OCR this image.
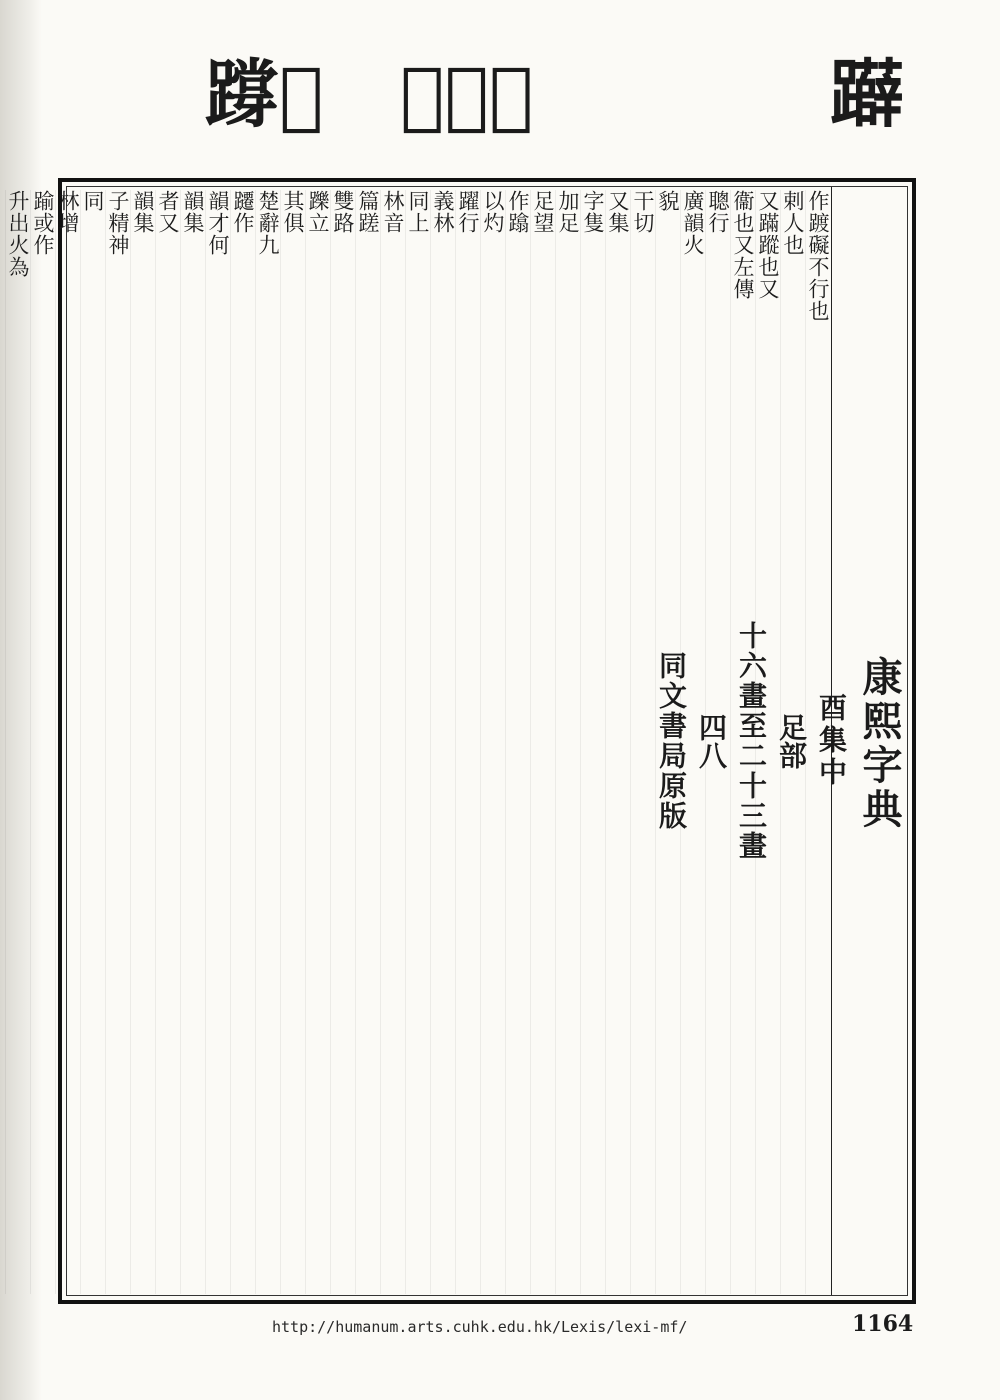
𨅝𨇑 𨆶𨇛𨇦	𨇨
康熙字典
酉集中
足部
十六畫至二十三畫
四八
同文書局原版
作踱礙不行也
剌人也
又蹣蹤也又
衞也又左傳
聰行
廣韻火
貌
干切
又集
字隻
加足
足望
作蹹
以灼
躍行
義林
同上
林音
篇蹉
雙路
躒立
其俱
楚辭九
躚作
韻才何
韻集
者又
韻集
子精神
同
林增
踰或作
升出火為
http://humanum.arts.cuhk.edu.hk/Lexis/lexi-mf/	1164
